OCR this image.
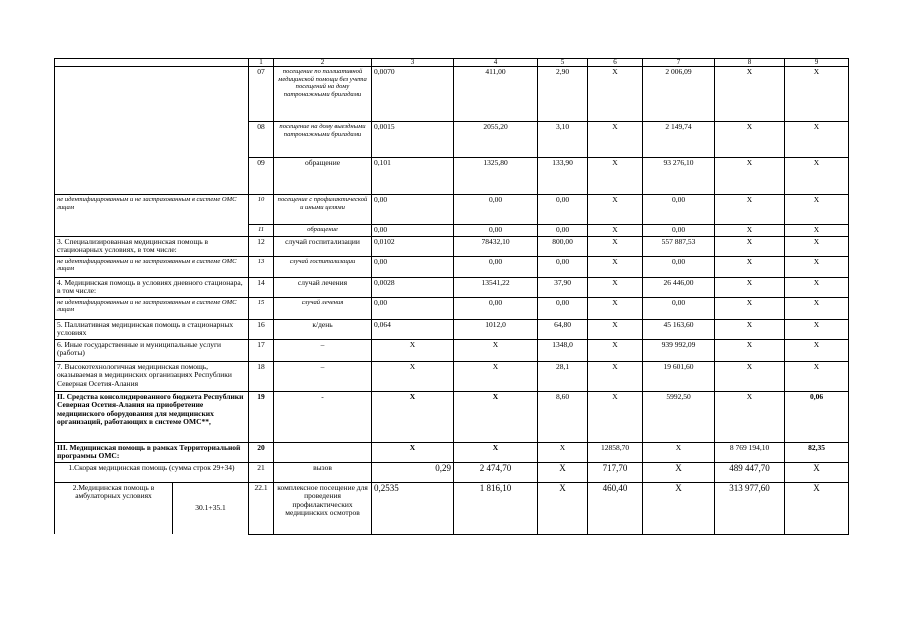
		1	2	3	4	5	6	7	8	9
		07	посещение по паллиативной медицинской помощи без учета посещений на дому патронажными бригадами	0,0070	411,00	2,90	X	2 006,09	X	X
		08	посещение на дому выездными патронажными бригадами	0,0015	2055,20	3,10	X	2 149,74	X	X
		09	обращение	0,101	1325,80	133,90	X	93 276,10	X	X
не идентифицированным и не застрахованным в системе ОМС лицам		10	посещение с профилактической и иными целями	0,00	0,00	0,00	X	0,00	X	X
		11	обращение	0,00	0,00	0,00	X	0,00	X	X
3. Специализированная медицинская помощь в стационарных условиях, в том числе:		12	случай госпитализации	0,0102	78432,10	800,00	X	557 887,53	X	X
не идентифицированным и не застрахованным в системе ОМС лицам		13	случай госпитализации	0,00	0,00	0,00	X	0,00	X	X
4. Медицинская помощь в условиях дневного стационара, в том числе:		14	случай лечения	0,0028	13541,22	37,90	X	26 446,00	X	X
не идентифицированным и не застрахованным в системе ОМС лицам		15	случай лечения	0,00	0,00	0,00	X	0,00	X	X
5. Паллиативная медицинская помощь в стационарных условиях		16	к/день	0,064	1012,0	64,80	X	45 163,60	X	X
6. Иные государственные и муниципальные услуги (работы)		17	–	X	X	1348,0	X	939 992,09	X	X
7. Высокотехнологичная медицинская помощь, оказываемая в медицинских организациях Республики Северная Осетия-Алания		18	–	X	X	28,1	X	19 601,60	X	X
II. Средства консолидированного бюджета Республики Северная Осетия-Алания на приобретение медицинского оборудования для медицинских организаций, работающих в системе ОМС**,		19	-	X	X	8,60	X	5992,50	X	0,06
III. Медицинская помощь в рамках Территориальной программы ОМС:		20		X	X	X	12858,70	X	8 769 194,10	82,35
1.Скорая медицинская помощь (сумма строк 29+34)		21	вызов	0,29	2 474,70	X	717,70	X	489 447,70	X
2.Медицинская помощь в амбулаторных условиях	30.1+35.1	22.1	комплексное посещение для проведения профилактических медицинских осмотров	0,2535	1 816,10	X	460,40	X	313 977,60	X
